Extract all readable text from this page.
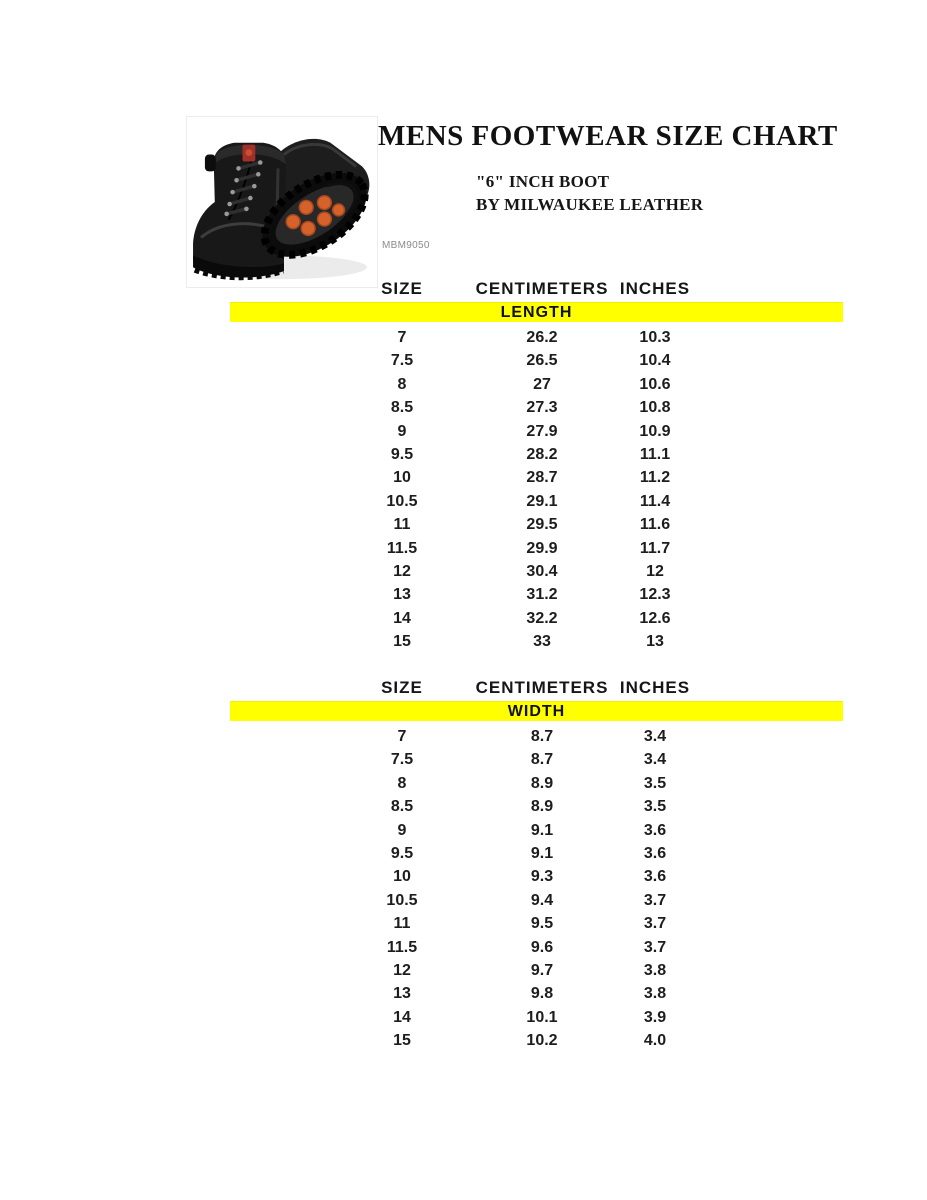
MENS FOOTWEAR SIZE CHART
"6" INCH BOOT
BY MILWAUKEE LEATHER
MBM9050
SIZE	CENTIMETERS INCHES
LENGTH
7	26.2	10.3
7.5	26.5	10.4
8	27	10.6
8.5	27.3	10.8
9	27.9	10.9
9.5	28.2	11.1
10	28.7	11.2
10.5	29.1	11.4
11	29.5	11.6
11.5	29.9	11.7
12	30.4	12
13	31.2	12.3
14	32.2	12.6
15	33	13
SIZE	CENTIMETERS INCHES
WIDTH
7	8.7	3.4
7.5	8.7	3.4
8	8.9	3.5
8.5	8.9	3.5
9	9.1	3.6
9.5	9.1	3.6
10	9.3	3.6
10.5	9.4	3.7
11	9.5	3.7
11.5	9.6	3.7
12	9.7	3.8
13	9.8	3.8
14	10.1	3.9
15	10.2	4.0
